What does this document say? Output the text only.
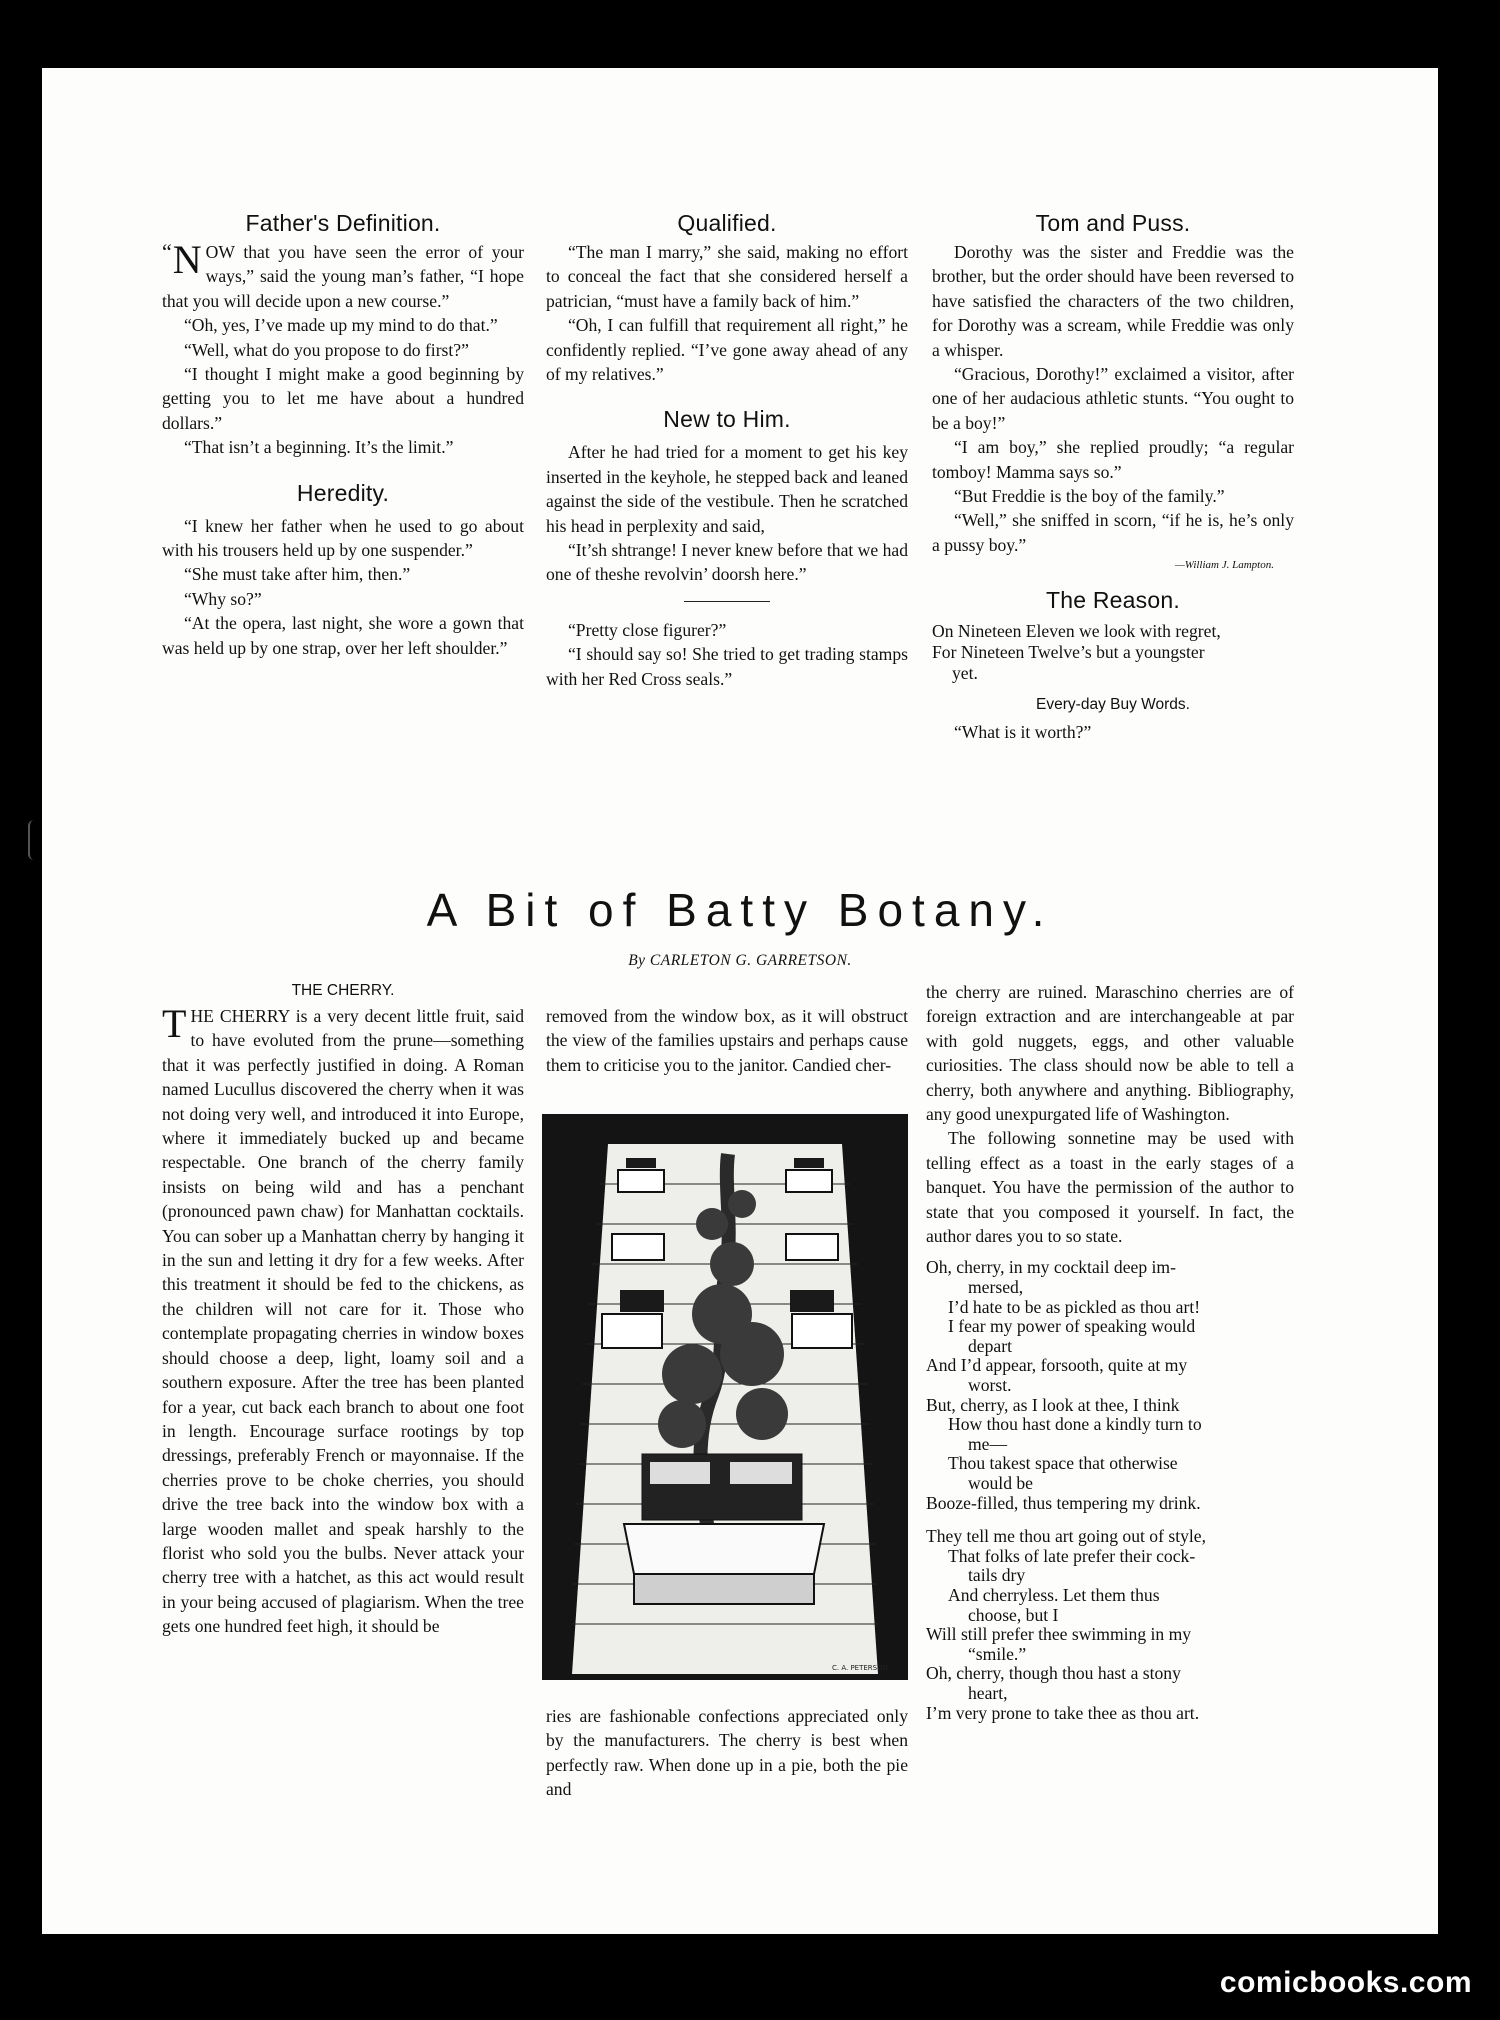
Father's Definition.

“ N OW that you have seen the error of your ways,” said the young man’s father, “I hope that you will decide upon a new course.”

“Oh, yes, I’ve made up my mind to do that.”

“Well, what do you propose to do first?”

“I thought I might make a good beginning by getting you to let me have about a hundred dollars.”

“That isn’t a beginning. It’s the limit.”

Heredity.

“I knew her father when he used to go about with his trousers held up by one suspender.”

“She must take after him, then.”

“Why so?”

“At the opera, last night, she wore a gown that was held up by one strap, over her left shoulder.”

Qualified.

“The man I marry,” she said, making no effort to conceal the fact that she considered herself a patrician, “must have a family back of him.”

“Oh, I can fulfill that requirement all right,” he confidently replied. “I’ve gone away ahead of any of my relatives.”

New to Him.

After he had tried for a moment to get his key inserted in the keyhole, he stepped back and leaned against the side of the vestibule. Then he scratched his head in perplexity and said,

“It’sh shtrange! I never knew before that we had one of theshe revolvin’ doorsh here.”

“Pretty close figurer?”

“I should say so! She tried to get trading stamps with her Red Cross seals.”

Tom and Puss.

Dorothy was the sister and Freddie was the brother, but the order should have been reversed to have satisfied the characters of the two children, for Dorothy was a scream, while Freddie was only a whisper.

“Gracious, Dorothy!” exclaimed a visitor, after one of her audacious athletic stunts. “You ought to be a boy!”

“I am boy,” she replied proudly; “a regular tomboy! Mamma says so.”

“But Freddie is the boy of the family.”

“Well,” she sniffed in scorn, “if he is, he’s only a pussy boy.”

—William J. Lampton.
The Reason.
On Nineteen Eleven we look with regret,
For Nineteen Twelve’s but a youngster
yet.
Every-day Buy Words.

“What is it worth?”

A Bit of Batty Botany.
By CARLETON G. GARRETSON.
THE CHERRY.

THE CHERRY is a very decent little fruit, said to have evoluted from the prune—something that it was perfectly justified in doing. A Roman named Lucullus discovered the cherry when it was not doing very well, and introduced it into Europe, where it immediately bucked up and became respectable. One branch of the cherry family insists on being wild and has a penchant (pronounced pawn chaw) for Manhattan cocktails. You can sober up a Manhattan cherry by hanging it in the sun and letting it dry for a few weeks. After this treatment it should be fed to the chickens, as the children will not care for it. Those who contemplate propagating cherries in window boxes should choose a deep, light, loamy soil and a southern exposure. After the tree has been planted for a year, cut back each branch to about one foot in length. Encourage surface rootings by top dressings, preferably French or mayonnaise. If the cherries prove to be choke cherries, you should drive the tree back into the window box with a large wooden mallet and speak harshly to the florist who sold you the bulbs. Never attack your cherry tree with a hatchet, as this act would result in your being accused of plagiarism. When the tree gets one hundred feet high, it should be

removed from the window box, as it will obstruct the view of the families upstairs and perhaps cause them to criticise you to the janitor. Candied cher-

C. A. PETERSON

ries are fashionable confections appreciated only by the manufacturers. The cherry is best when perfectly raw. When done up in a pie, both the pie and

the cherry are ruined. Maraschino cherries are of foreign extraction and are interchangeable at par with gold nuggets, eggs, and other valuable curiosities. The class should now be able to tell a cherry, both anywhere and anything. Bibliography, any good unexpurgated life of Washington.

The following sonnetine may be used with telling effect as a toast in the early stages of a banquet. You have the permission of the author to state that you composed it yourself. In fact, the author dares you to so state.

Oh, cherry, in my cocktail deep im-
mersed,
I’d hate to be as pickled as thou art!
I fear my power of speaking would
depart
And I’d appear, forsooth, quite at my
worst.
But, cherry, as I look at thee, I think
How thou hast done a kindly turn to
me—
Thou takest space that otherwise
would be
Booze-filled, thus tempering my drink.
They tell me thou art going out of style,
That folks of late prefer their cock-
tails dry
And cherryless. Let them thus
choose, but I
Will still prefer thee swimming in my
“smile.”
Oh, cherry, though thou hast a stony
heart,
I’m very prone to take thee as thou art.
comicbooks.com
